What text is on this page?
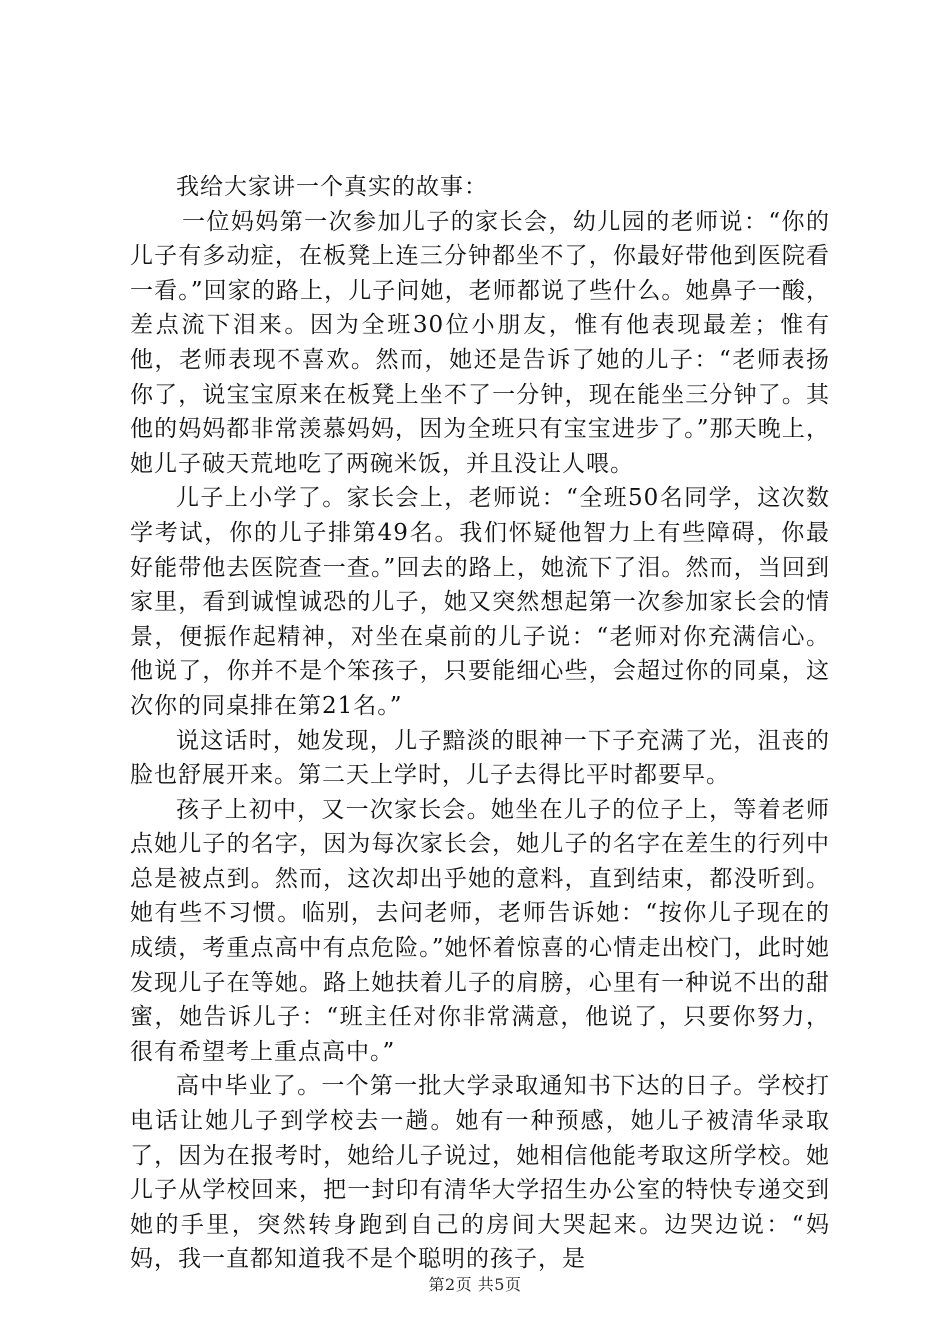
我给大家讲一个真实的故事：

一位妈妈第一次参加儿子的家长会，幼儿园的老师说：“你的儿子有多动症，在板凳上连三分钟都坐不了，你最好带他到医院看一看。”回家的路上，儿子问她，老师都说了些什么。她鼻子一酸，差点流下泪来。因为全班30位小朋友，惟有他表现最差；惟有他，老师表现不喜欢。然而，她还是告诉了她的儿子：“老师表扬你了，说宝宝原来在板凳上坐不了一分钟，现在能坐三分钟了。其他的妈妈都非常羡慕妈妈，因为全班只有宝宝进步了。”那天晚上，她儿子破天荒地吃了两碗米饭，并且没让人喂。

儿子上小学了。家长会上，老师说：“全班50名同学，这次数学考试，你的儿子排第49名。我们怀疑他智力上有些障碍，你最好能带他去医院查一查。”回去的路上，她流下了泪。然而，当回到家里，看到诚惶诚恐的儿子，她又突然想起第一次参加家长会的情景，便振作起精神，对坐在桌前的儿子说：“老师对你充满信心。他说了，你并不是个笨孩子，只要能细心些，会超过你的同桌，这次你的同桌排在第21名。”

说这话时，她发现，儿子黯淡的眼神一下子充满了光，沮丧的脸也舒展开来。第二天上学时，儿子去得比平时都要早。

孩子上初中，又一次家长会。她坐在儿子的位子上，等着老师点她儿子的名字，因为每次家长会，她儿子的名字在差生的行列中总是被点到。然而，这次却出乎她的意料，直到结束，都没听到。她有些不习惯。临别，去问老师，老师告诉她：“按你儿子现在的成绩，考重点高中有点危险。”她怀着惊喜的心情走出校门，此时她发现儿子在等她。路上她扶着儿子的肩膀，心里有一种说不出的甜蜜，她告诉儿子：“班主任对你非常满意，他说了，只要你努力，很有希望考上重点高中。”

高中毕业了。一个第一批大学录取通知书下达的日子。学校打电话让她儿子到学校去一趟。她有一种预感，她儿子被清华录取了，因为在报考时，她给儿子说过，她相信他能考取这所学校。她儿子从学校回来，把一封印有清华大学招生办公室的特快专递交到她的手里，突然转身跑到自己的房间大哭起来。边哭边说：“妈妈，我一直都知道我不是个聪明的孩子，是

第2页 共5页
